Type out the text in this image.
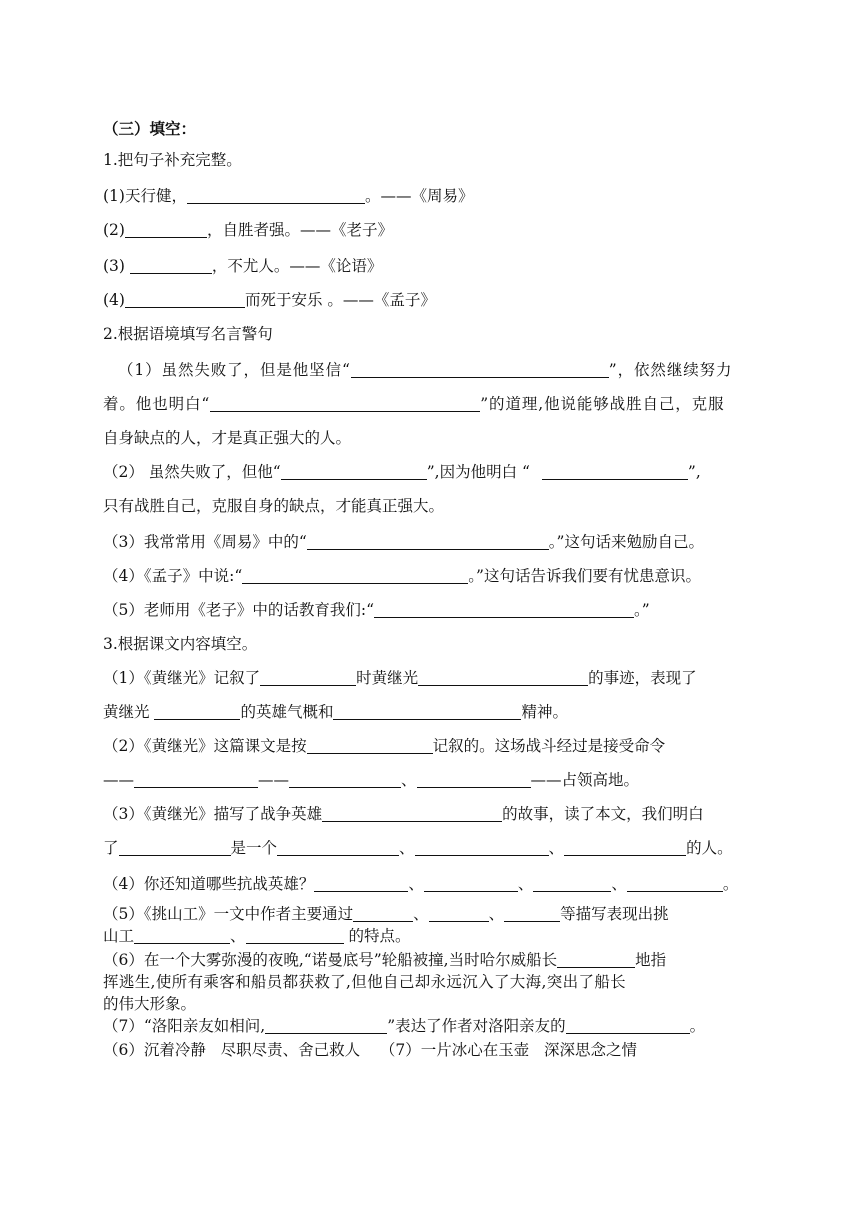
（三）填空：
1.把句子补充完整。
(1)天行健，	。——《周易》
(2)	，自胜者强。——《老子》
(3)	，不尤人。——《论语》
(4)	而死于安乐 。——《孟子》
2.根据语境填写名言警句
（1）虽然失败了，但是他坚信“	”，依然继续努力
着。他也明白“	”的道理,他说能够战胜自己，克服
自身缺点的人，才是真正强大的人。
（2） 虽然失败了，但他“	”,因为他明白 “	”,
只有战胜自己，克服自身的缺点，才能真正强大。
（3）我常常用《周易》中的“	。”这句话来勉励自己。
（4）《孟子》中说:“	。”这句话告诉我们要有忧患意识。
（5）老师用《老子》中的话教育我们:“	。”
3.根据课文内容填空。
（1）《黄继光》记叙了	时黄继光	的事迹，表现了
黄继光	的英雄气概和	精神。
（2）《黄继光》这篇课文是按	记叙的。这场战斗经过是接受命令
——	——	、	——占领高地。
（3）《黄继光》描写了战争英雄	的故事，读了本文，我们明白
了	是一个	、	、	的人。
（4）你还知道哪些抗战英雄？	、	、	、	。
（5）《挑山工》一文中作者主要通过	、	、	等描写表现出挑
山工	、	的特点。
（6）在一个大雾弥漫的夜晚,“诺曼底号”轮船被撞,当时哈尔威船长	地指
挥逃生,使所有乘客和船员都获救了,但他自己却永远沉入了大海,突出了船长
的伟大形象。
（7）“洛阳亲友如相问,	”表达了作者对洛阳亲友的	。
（6）沉着冷静   尽职尽责、舍己救人    （7）一片冰心在玉壶   深深思念之情
